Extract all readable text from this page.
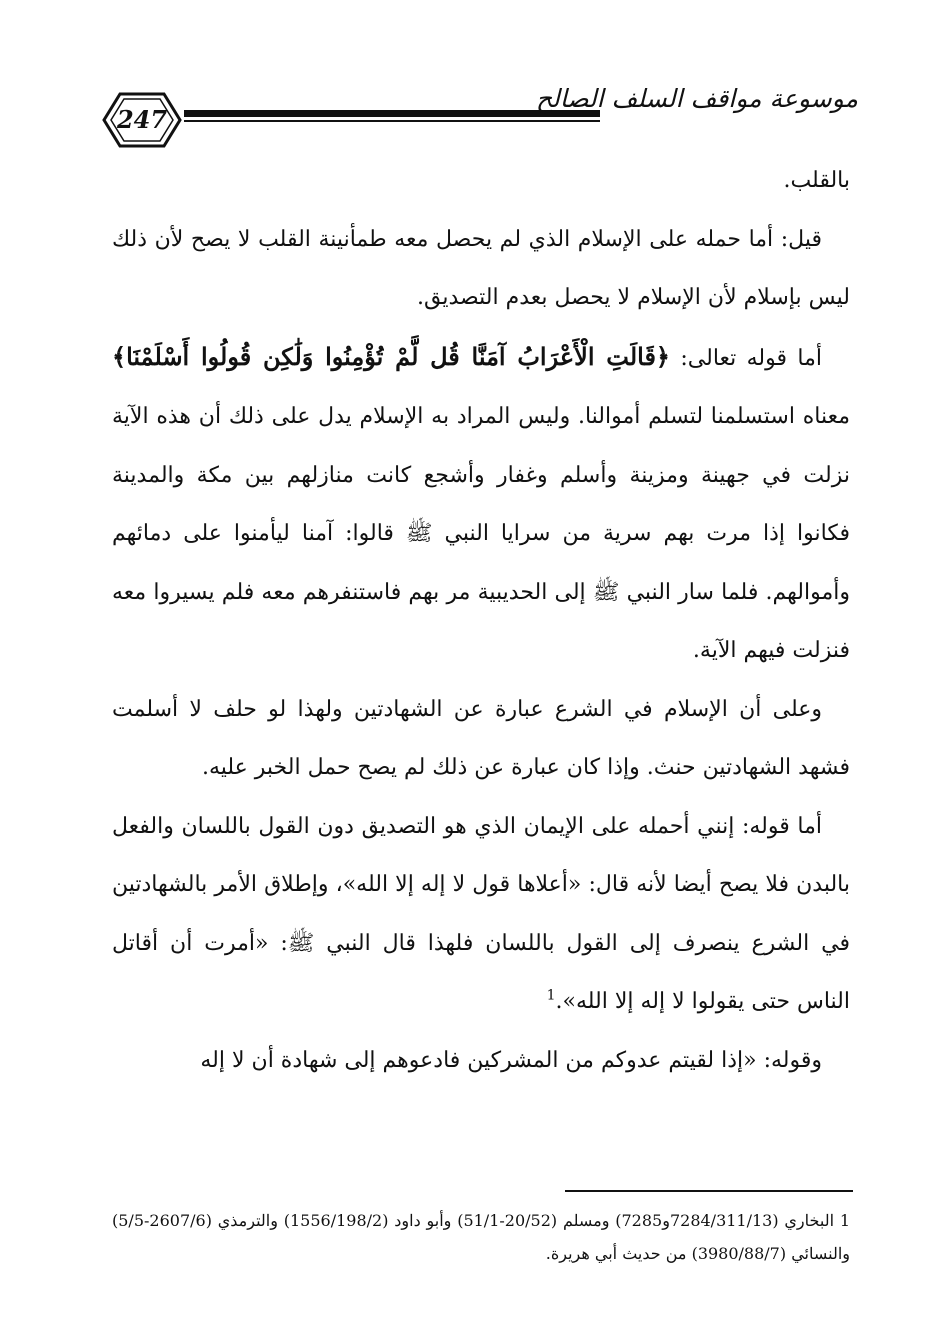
247
موسوعة مواقف السلف الصالح

بالقلب.

قيل: أما حمله على الإسلام الذي لم يحصل معه طمأنينة القلب لا يصح لأن ذلك ليس بإسلام لأن الإسلام لا يحصل بعدم التصديق.

أما قوله تعالى: ﴿قَالَتِ الْأَعْرَابُ آمَنَّا قُل لَّمْ تُؤْمِنُوا وَلَٰكِن قُولُوا أَسْلَمْنَا﴾ معناه استسلمنا لتسلم أموالنا. وليس المراد به الإسلام يدل على ذلك أن هذه الآية نزلت في جهينة ومزينة وأسلم وغفار وأشجع كانت منازلهم بين مكة والمدينة فكانوا إذا مرت بهم سرية من سرايا النبي ﷺ قالوا: آمنا ليأمنوا على دمائهم وأموالهم. فلما سار النبي ﷺ إلى الحديبية مر بهم فاستنفرهم معه فلم يسيروا معه فنزلت فيهم الآية.

وعلى أن الإسلام في الشرع عبارة عن الشهادتين ولهذا لو حلف لا أسلمت فشهد الشهادتين حنث. وإذا كان عبارة عن ذلك لم يصح حمل الخبر عليه.

أما قوله: إنني أحمله على الإيمان الذي هو التصديق دون القول باللسان والفعل بالبدن فلا يصح أيضا لأنه قال: «أعلاها قول لا إله إلا الله»، وإطلاق الأمر بالشهادتين في الشرع ينصرف إلى القول باللسان فلهذا قال النبي ﷺ: «أمرت أن أقاتل الناس حتى يقولوا لا إله إلا الله».$^1$

وقوله: «إذا لقيتم عدوكم من المشركين فادعوهم إلى شهادة أن لا إله

1 البخاري (7284/311/13و7285) ومسلم (20/52-51/1) وأبو داود (1556/198/2) والترمذي (2607/6-5/5) والنسائي (3980/88/7) من حديث أبي هريرة.
